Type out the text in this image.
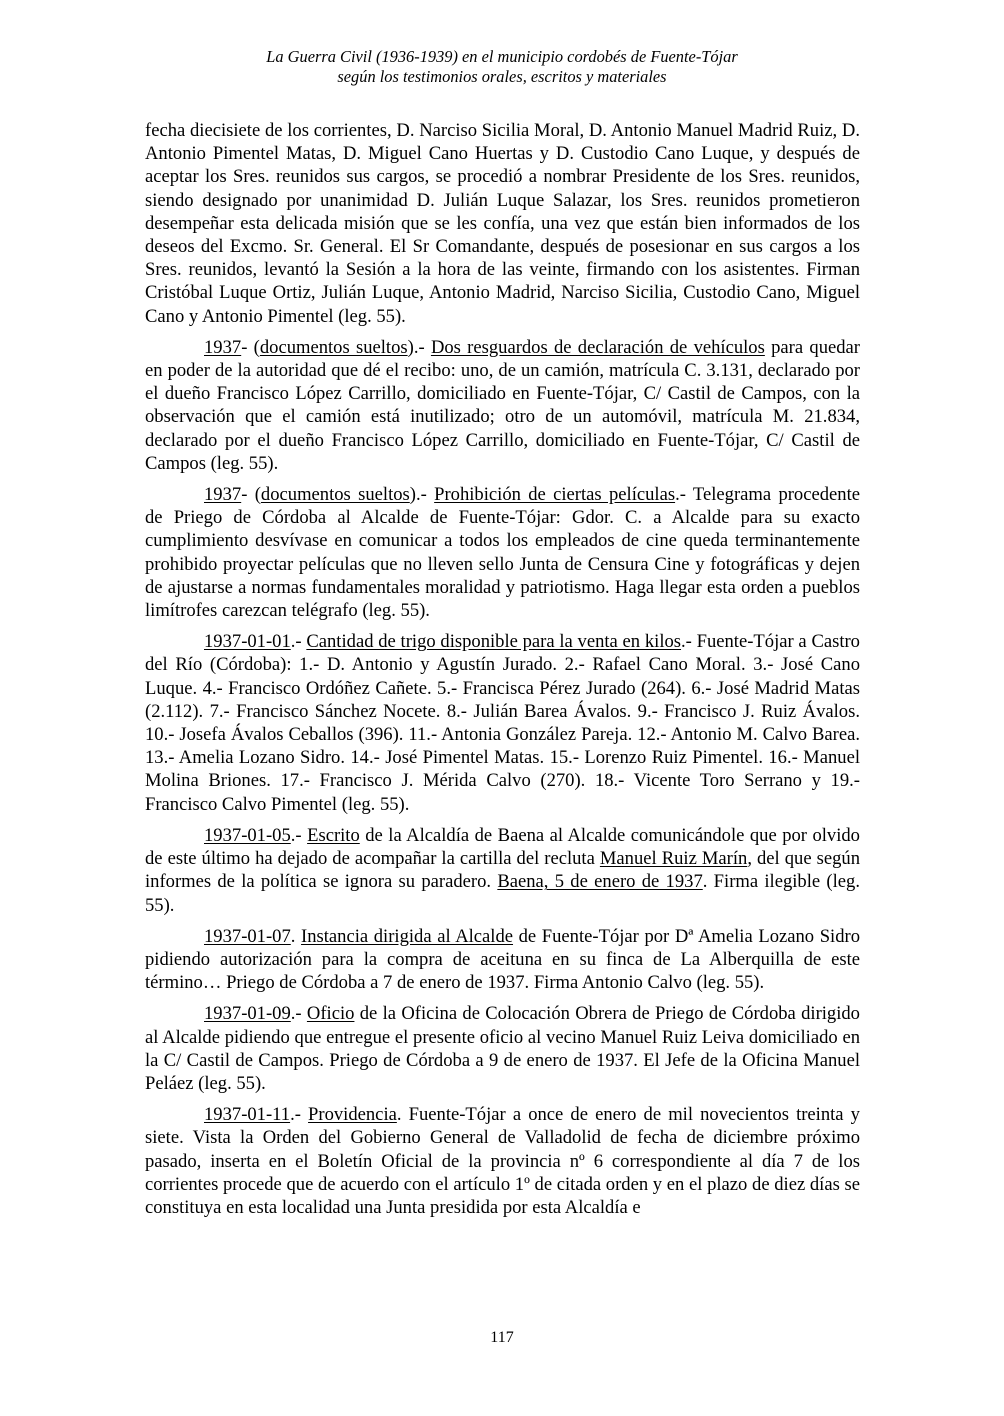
La Guerra Civil (1936-1939) en el municipio cordobés de Fuente-Tójar
según los testimonios orales, escritos y materiales

fecha diecisiete de los corrientes, D. Narciso Sicilia Moral, D. Antonio Manuel Madrid Ruiz, D. Antonio Pimentel Matas, D. Miguel Cano Huertas y D. Custodio Cano Luque, y después de aceptar los Sres. reunidos sus cargos, se procedió a nombrar Presidente de los Sres. reunidos, siendo designado por unanimidad D. Julián Luque Salazar, los Sres. reunidos prometieron desempeñar esta delicada misión que se les confía, una vez que están bien informados de los deseos del Excmo. Sr. General. El Sr Comandante, después de posesionar en sus cargos a los Sres. reunidos, levantó la Sesión a la hora de las veinte, firmando con los asistentes. Firman Cristóbal Luque Ortiz, Julián Luque, Antonio Madrid, Narciso Sicilia, Custodio Cano, Miguel Cano y Antonio Pimentel (leg. 55).

1937- (documentos sueltos).- Dos resguardos de declaración de vehículos para quedar en poder de la autoridad que dé el recibo: uno, de un camión, matrícula C. 3.131, declarado por el dueño Francisco López Carrillo, domiciliado en Fuente-Tójar, C/ Castil de Campos, con la observación que el camión está inutilizado; otro de un automóvil, matrícula M. 21.834, declarado por el dueño Francisco López Carrillo, domiciliado en Fuente-Tójar, C/ Castil de Campos (leg. 55).

1937- (documentos sueltos).- Prohibición de ciertas películas.- Telegrama procedente de Priego de Córdoba al Alcalde de Fuente-Tójar: Gdor. C. a Alcalde para su exacto cumplimiento desvívase en comunicar a todos los empleados de cine queda terminantemente prohibido proyectar películas que no lleven sello Junta de Censura Cine y fotográficas y dejen de ajustarse a normas fundamentales moralidad y patriotismo. Haga llegar esta orden a pueblos limítrofes carezcan telégrafo (leg. 55).

1937-01-01.- Cantidad de trigo disponible para la venta en kilos.- Fuente-Tójar a Castro del Río (Córdoba): 1.- D. Antonio y Agustín Jurado. 2.- Rafael Cano Moral. 3.- José Cano Luque. 4.- Francisco Ordóñez Cañete. 5.- Francisca Pérez Jurado (264). 6.- José Madrid Matas (2.112). 7.- Francisco Sánchez Nocete. 8.- Julián Barea Ávalos. 9.- Francisco J. Ruiz Ávalos. 10.- Josefa Ávalos Ceballos (396). 11.- Antonia González Pareja. 12.- Antonio M. Calvo Barea. 13.- Amelia Lozano Sidro. 14.- José Pimentel Matas. 15.- Lorenzo Ruiz Pimentel. 16.- Manuel Molina Briones. 17.- Francisco J. Mérida Calvo (270). 18.- Vicente Toro Serrano y 19.- Francisco Calvo Pimentel (leg. 55).

1937-01-05.- Escrito de la Alcaldía de Baena al Alcalde comunicándole que por olvido de este último ha dejado de acompañar la cartilla del recluta Manuel Ruiz Marín, del que según informes de la política se ignora su paradero. Baena, 5 de enero de 1937. Firma ilegible (leg. 55).

1937-01-07. Instancia dirigida al Alcalde de Fuente-Tójar por Dª Amelia Lozano Sidro pidiendo autorización para la compra de aceituna en su finca de La Alberquilla de este término… Priego de Córdoba a 7 de enero de 1937. Firma Antonio Calvo (leg. 55).

1937-01-09.- Oficio de la Oficina de Colocación Obrera de Priego de Córdoba dirigido al Alcalde pidiendo que entregue el presente oficio al vecino Manuel Ruiz Leiva domiciliado en la C/ Castil de Campos. Priego de Córdoba a 9 de enero de 1937. El Jefe de la Oficina Manuel Peláez (leg. 55).

1937-01-11.- Providencia. Fuente-Tójar a once de enero de mil novecientos treinta y siete. Vista la Orden del Gobierno General de Valladolid de fecha de diciembre próximo pasado, inserta en el Boletín Oficial de la provincia nº 6 correspondiente al día 7 de los corrientes procede que de acuerdo con el artículo 1º de citada orden y en el plazo de diez días se constituya en esta localidad una Junta presidida por esta Alcaldía e

117
